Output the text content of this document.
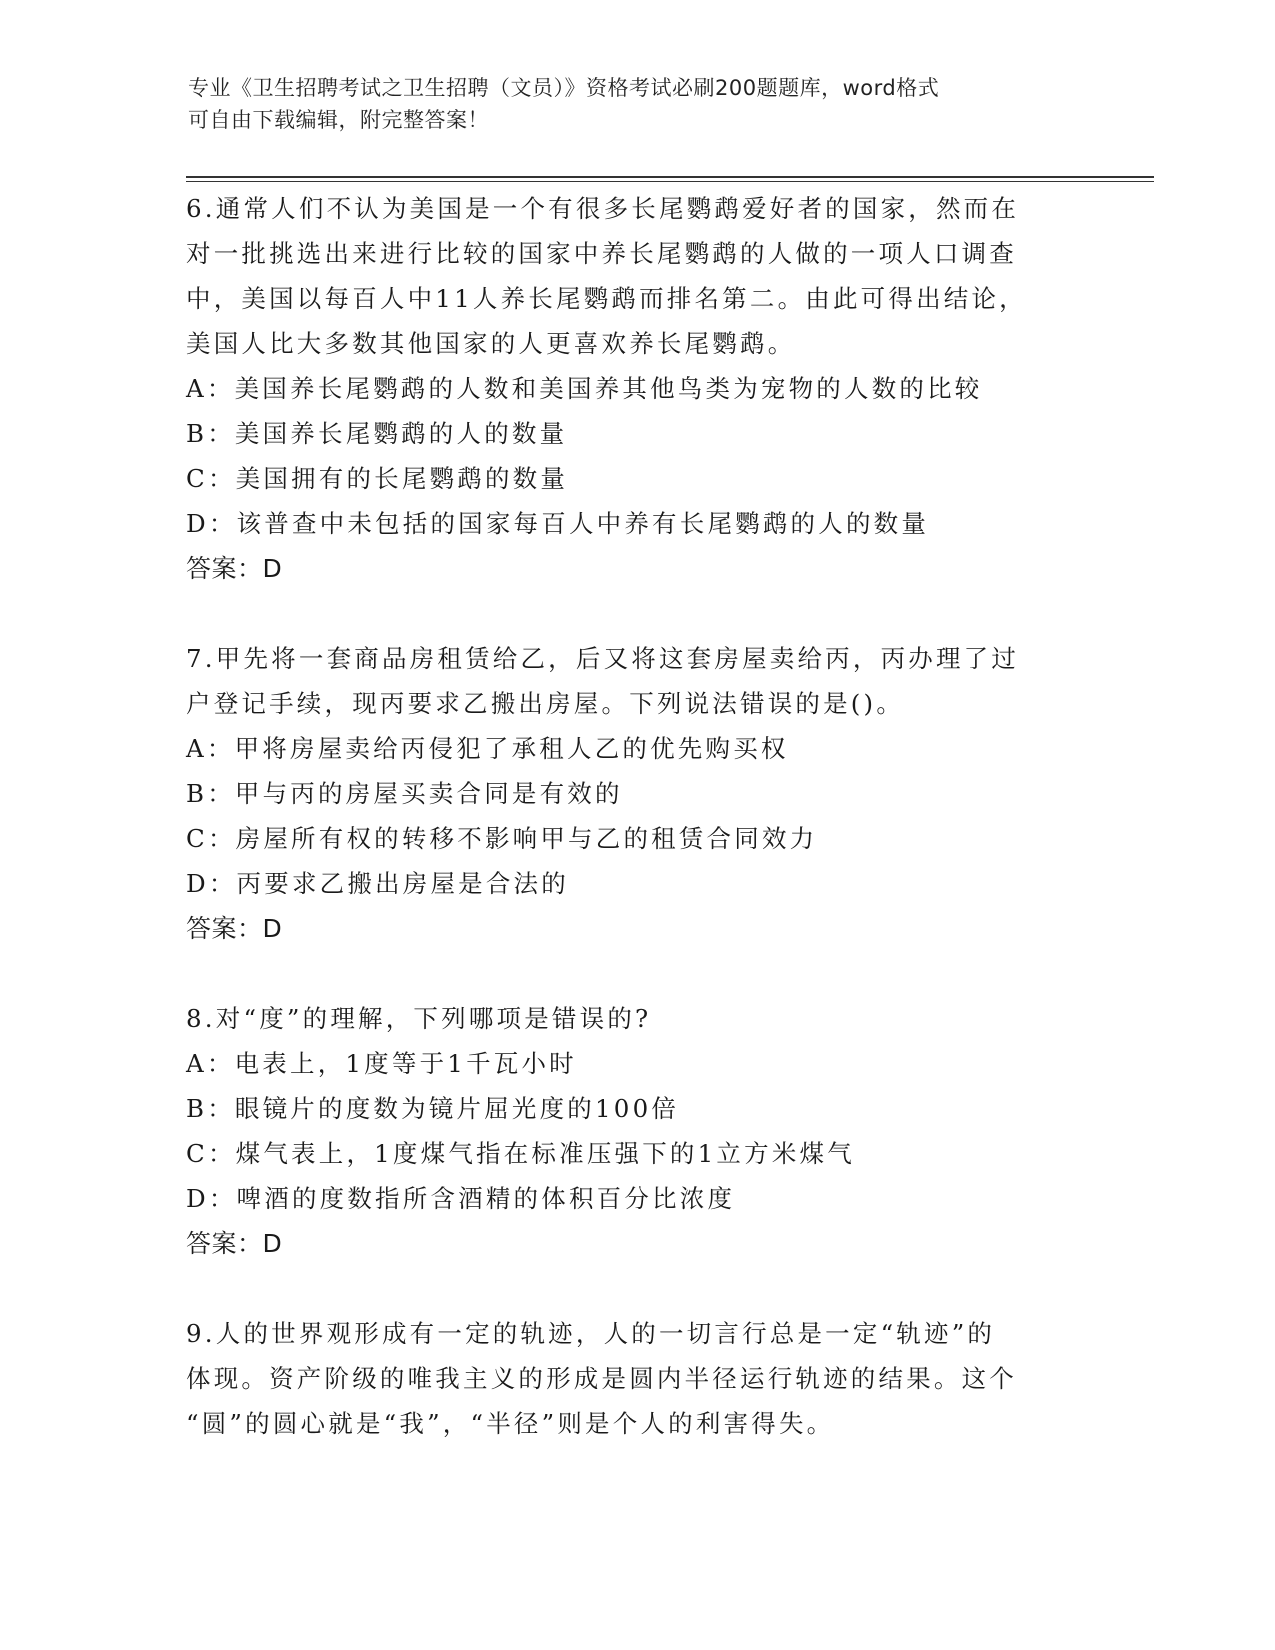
专业《卫生招聘考试之卫生招聘（文员）》资格考试必刷200题题库，word格式
可自由下载编辑，附完整答案！
6.通常人们不认为美国是一个有很多长尾鹦鹉爱好者的国家，然而在
对一批挑选出来进行比较的国家中养长尾鹦鹉的人做的一项人口调查
中，美国以每百人中11人养长尾鹦鹉而排名第二。由此可得出结论，
美国人比大多数其他国家的人更喜欢养长尾鹦鹉。
A：美国养长尾鹦鹉的人数和美国养其他鸟类为宠物的人数的比较
B：美国养长尾鹦鹉的人的数量
C：美国拥有的长尾鹦鹉的数量
D：该普查中未包括的国家每百人中养有长尾鹦鹉的人的数量
答案：D
7.甲先将一套商品房租赁给乙，后又将这套房屋卖给丙，丙办理了过
户登记手续，现丙要求乙搬出房屋。下列说法错误的是()。
A：甲将房屋卖给丙侵犯了承租人乙的优先购买权
B：甲与丙的房屋买卖合同是有效的
C：房屋所有权的转移不影响甲与乙的租赁合同效力
D：丙要求乙搬出房屋是合法的
答案：D
8.对“度”的理解，下列哪项是错误的?
A：电表上，1度等于1千瓦小时
B：眼镜片的度数为镜片屈光度的100倍
C：煤气表上，1度煤气指在标准压强下的1立方米煤气
D：啤酒的度数指所含酒精的体积百分比浓度
答案：D
9.人的世界观形成有一定的轨迹，人的一切言行总是一定“轨迹”的
体现。资产阶级的唯我主义的形成是圆内半径运行轨迹的结果。这个
“圆”的圆心就是“我”，“半径”则是个人的利害得失。
